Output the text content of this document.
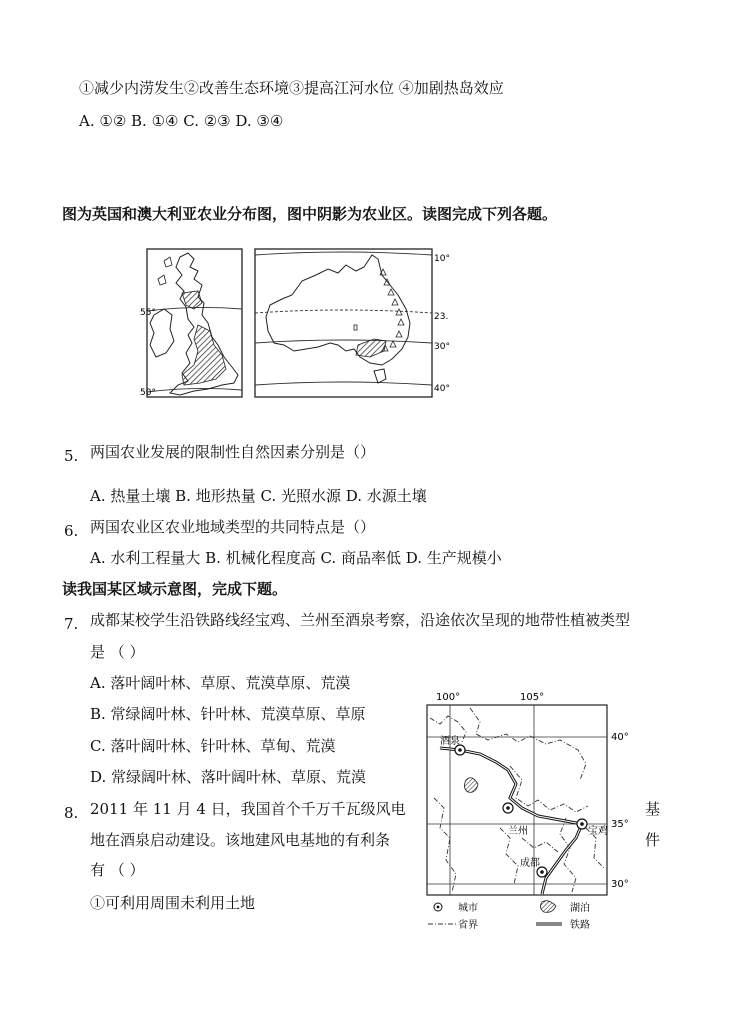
①减少内涝发生②改善生态环境③提高江河水位 ④加剧热岛效应
A. ①② B. ①④ C. ②③ D. ③④
图为英国和澳大利亚农业分布图，图中阴影为农业区。读图完成下列各题。
55°
50°
10°
23.
30°
40°
5. 两国农业发展的限制性自然因素分别是（）
A. 热量土壤 B. 地形热量 C. 光照水源 D. 水源土壤
6. 两国农业区农业地域类型的共同特点是（）
A. 水利工程量大 B. 机械化程度高 C. 商品率低 D. 生产规模小
读我国某区域示意图，完成下题。
7. 成都某校学生沿铁路线经宝鸡、兰州至酒泉考察，沿途依次呈现的地带性植被类型
是 （ ）
A. 落叶阔叶林、草原、荒漠草原、荒漠
B. 常绿阔叶林、针叶林、荒漠草原、草原
C. 落叶阔叶林、针叶林、草甸、荒漠
D. 常绿阔叶林、落叶阔叶林、草原、荒漠
8. 2011 年 11 月 4 日，我国首个千万千瓦级风电	基
地在酒泉启动建设。该地建风电基地的有利条	件
有 （ ）
①可利用周围未利用土地
100°	105°
40°
35°
30°
酒泉
兰州	宝鸡
成都
城市	湖泊
省界	铁路
